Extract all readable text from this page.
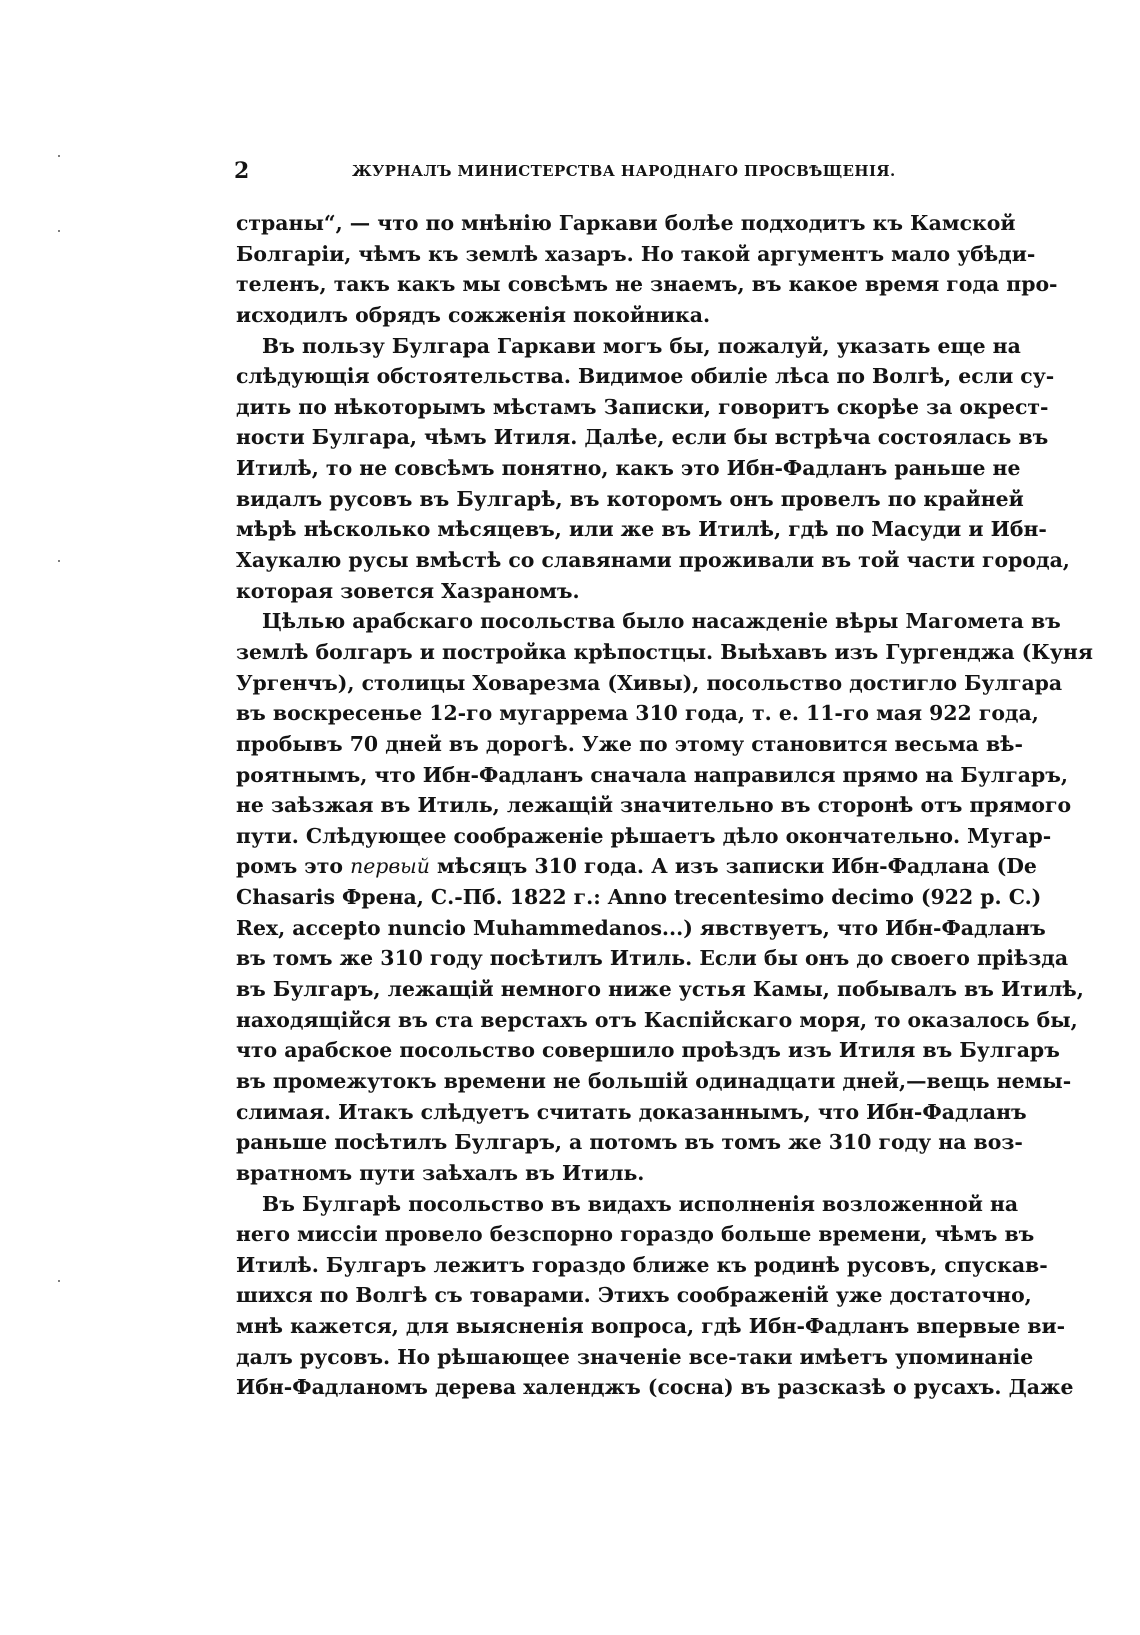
2	ЖУРНАЛЪ МИНИСТЕРСТВА НАРОДНАГО ПРОСВѢЩЕНІЯ.
страны“, — что по мнѣнію Гаркави болѣе подходитъ къ Камской
Болгаріи, чѣмъ къ землѣ хазаръ. Но такой аргументъ мало убѣди-
теленъ, такъ какъ мы совсѣмъ не знаемъ, въ какое время года про-
исходилъ обрядъ сожженія покойника.
Въ пользу Булгара Гаркави могъ бы, пожалуй, указать еще на
слѣдующія обстоятельства. Видимое обиліе лѣса по Волгѣ, если су-
дить по нѣкоторымъ мѣстамъ Записки, говоритъ скорѣе за окрест-
ности Булгара, чѣмъ Итиля. Далѣе, если бы встрѣча состоялась въ
Итилѣ, то не совсѣмъ понятно, какъ это Ибн-Фадланъ раньше не
видалъ русовъ въ Булгарѣ, въ которомъ онъ провелъ по крайней
мѣрѣ нѣсколько мѣсяцевъ, или же въ Итилѣ, гдѣ по Масуди и Ибн-
Хаукалю русы вмѣстѣ со славянами проживали въ той части города,
которая зовется Хазраномъ.
Цѣлью арабскаго посольства было насажденіе вѣры Магомета въ
землѣ болгаръ и постройка крѣпостцы. Выѣхавъ изъ Гургенджа (Куня
Ургенчъ), столицы Ховарезма (Хивы), посольство достигло Булгара
въ воскресенье 12-го мугаррема 310 года, т. е. 11-го мая 922 года,
пробывъ 70 дней въ дорогѣ. Уже по этому становится весьма вѣ-
роятнымъ, что Ибн-Фадланъ сначала направился прямо на Булгаръ,
не заѣзжая въ Итиль, лежащій значительно въ сторонѣ отъ прямого
пути. Слѣдующее соображеніе рѣшаетъ дѣло окончательно. Мугар-
ромъ это первый мѣсяцъ 310 года. А изъ записки Ибн-Фадлана (De
Chasaris Френа, С.-Пб. 1822 г.: Anno trecentesimo decimo (922 p. C.)
Rex, accepto nuncio Muhammedanos...) явствуетъ, что Ибн-Фадланъ
въ томъ же 310 году посѣтилъ Итиль. Если бы онъ до своего пріѣзда
въ Булгаръ, лежащій немного ниже устья Камы, побывалъ въ Итилѣ,
находящійся въ ста верстахъ отъ Каспійскаго моря, то оказалось бы,
что арабское посольство совершило проѣздъ изъ Итиля въ Булгаръ
въ промежутокъ времени не большій одинадцати дней,—вещь немы-
слимая. Итакъ слѣдуетъ считать доказаннымъ, что Ибн-Фадланъ
раньше посѣтилъ Булгаръ, а потомъ въ томъ же 310 году на воз-
вратномъ пути заѣхалъ въ Итиль.
Въ Булгарѣ посольство въ видахъ исполненія возложенной на
него миссіи провело безспорно гораздо больше времени, чѣмъ въ
Итилѣ. Булгаръ лежитъ гораздо ближе къ родинѣ русовъ, спускав-
шихся по Волгѣ съ товарами. Этихъ соображеній уже достаточно,
мнѣ кажется, для выясненія вопроса, гдѣ Ибн-Фадланъ впервые ви-
далъ русовъ. Но рѣшающее значеніе все-таки имѣетъ упоминаніе
Ибн-Фадланомъ дерева халенджъ (сосна) въ разсказѣ о русахъ. Даже
